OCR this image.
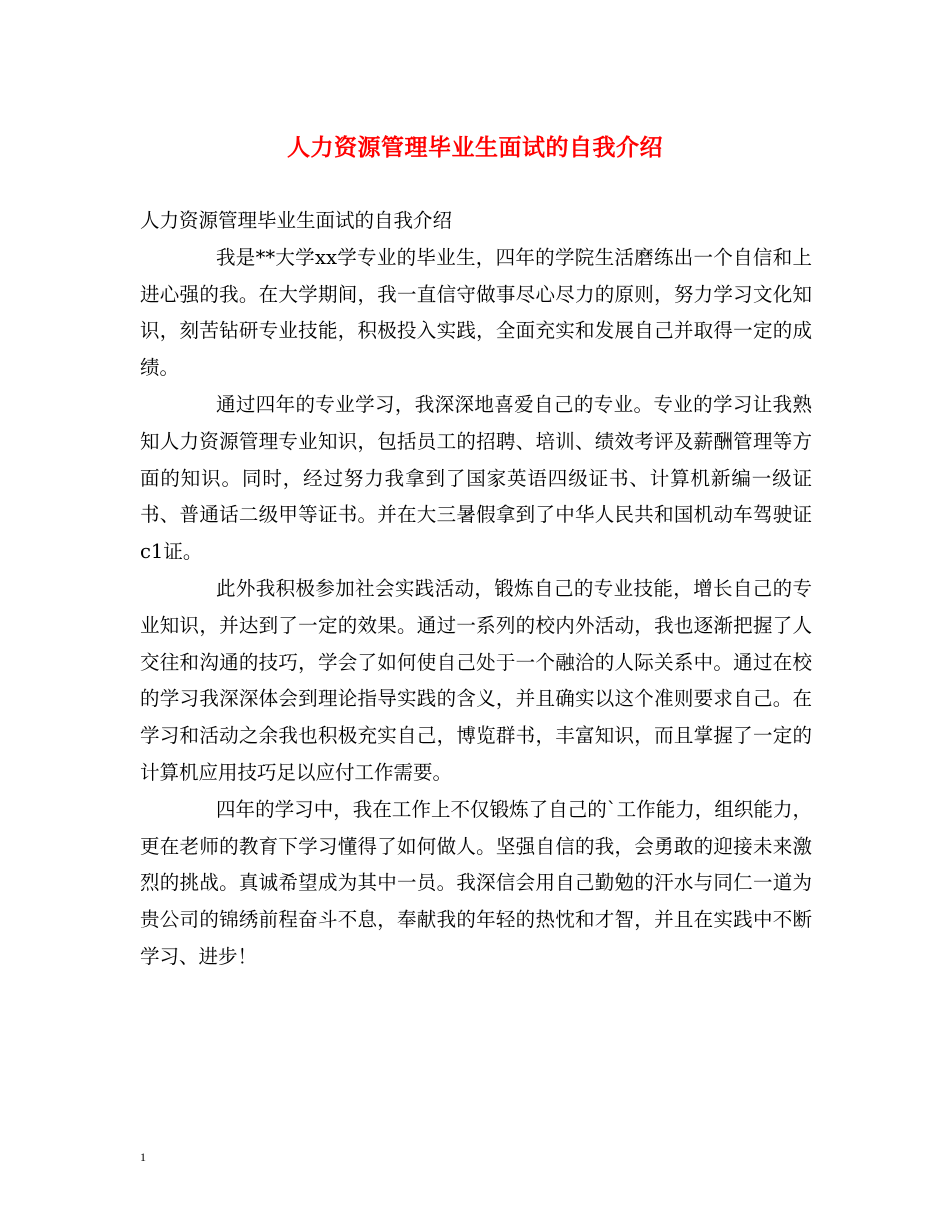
人力资源管理毕业生面试的自我介绍

人力资源管理毕业生面试的自我介绍

我是**大学xx学专业的毕业生，四年的学院生活磨练出一个自信和上进心强的我。在大学期间，我一直信守做事尽心尽力的原则，努力学习文化知识，刻苦钻研专业技能，积极投入实践，全面充实和发展自己并取得一定的成绩。

通过四年的专业学习，我深深地喜爱自己的专业。专业的学习让我熟知人力资源管理专业知识，包括员工的招聘、培训、绩效考评及薪酬管理等方面的知识。同时，经过努力我拿到了国家英语四级证书、计算机新编一级证书、普通话二级甲等证书。并在大三暑假拿到了中华人民共和国机动车驾驶证c1证。

此外我积极参加社会实践活动，锻炼自己的专业技能，增长自己的专业知识，并达到了一定的效果。通过一系列的校内外活动，我也逐渐把握了人交往和沟通的技巧，学会了如何使自己处于一个融洽的人际关系中。通过在校的学习我深深体会到理论指导实践的含义，并且确实以这个准则要求自己。在学习和活动之余我也积极充实自己，博览群书，丰富知识，而且掌握了一定的计算机应用技巧足以应付工作需要。

四年的学习中，我在工作上不仅锻炼了自己的`工作能力，组织能力，更在老师的教育下学习懂得了如何做人。坚强自信的我，会勇敢的迎接未来激烈的挑战。真诚希望成为其中一员。我深信会用自己勤勉的汗水与同仁一道为贵公司的锦绣前程奋斗不息，奉献我的年轻的热忱和才智，并且在实践中不断学习、进步！

1
